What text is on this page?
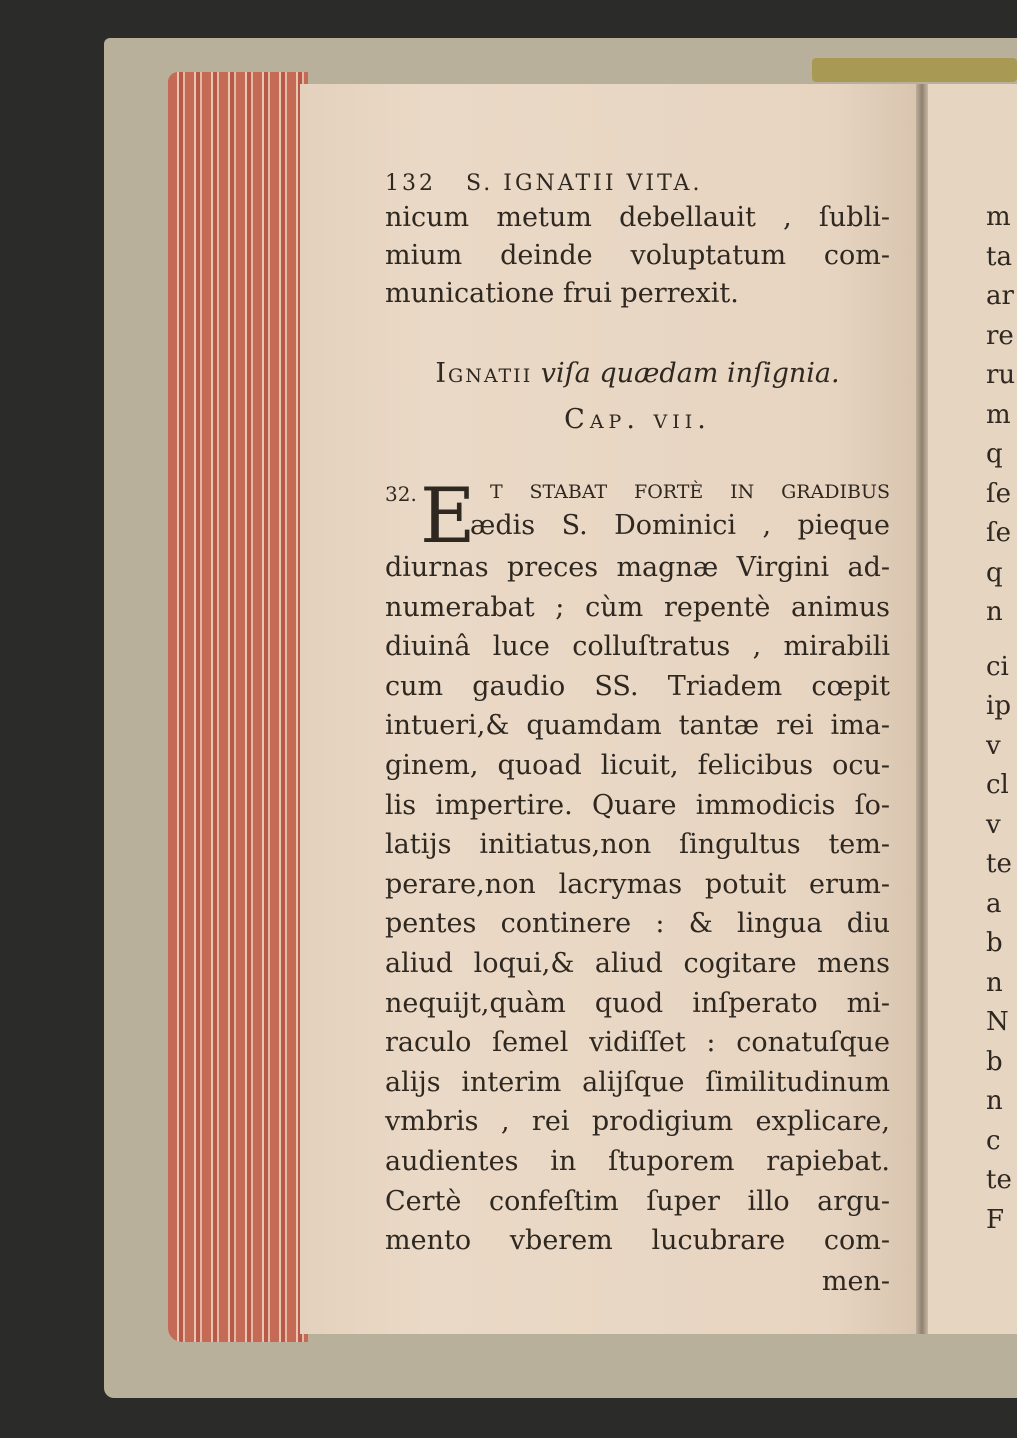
132 S. IGNATII VITA.
nicum metum debellauit , ſubli-
mium deinde voluptatum com-
municatione frui perrexit.
Ignatii viſa quædam inſignia.
Cap. vii.
32. E t ſtabat fortè in gradibus
ædis S. Dominici , pieque
diurnas preces magnæ Virgini ad-
numerabat ; cùm repentè animus
diuinâ luce colluſtratus , mirabili
cum gaudio SS. Triadem cœpit
intueri,& quamdam tantæ rei ima-
ginem, quoad licuit, felicibus ocu-
lis impertire. Quare immodicis ſo-
latijs initiatus,non ſingultus tem-
perare,non lacrymas potuit erum-
pentes continere : & lingua diu
aliud loqui,& aliud cogitare mens
nequijt,quàm quod inſperato mi-
raculo ſemel vidiſſet : conatuſque
alijs interim alijſque ſimilitudinum
vmbris , rei prodigium explicare,
audientes in ſtuporem rapiebat.
Certè confeſtim ſuper illo argu-
mento vberem lucubrare com-
men-
m
ta
ar
re
ru
m
q
ſe
ſe
q
n
ci
ip
v
cl
v
te
a
b
n
N
b
n
c
te
F
